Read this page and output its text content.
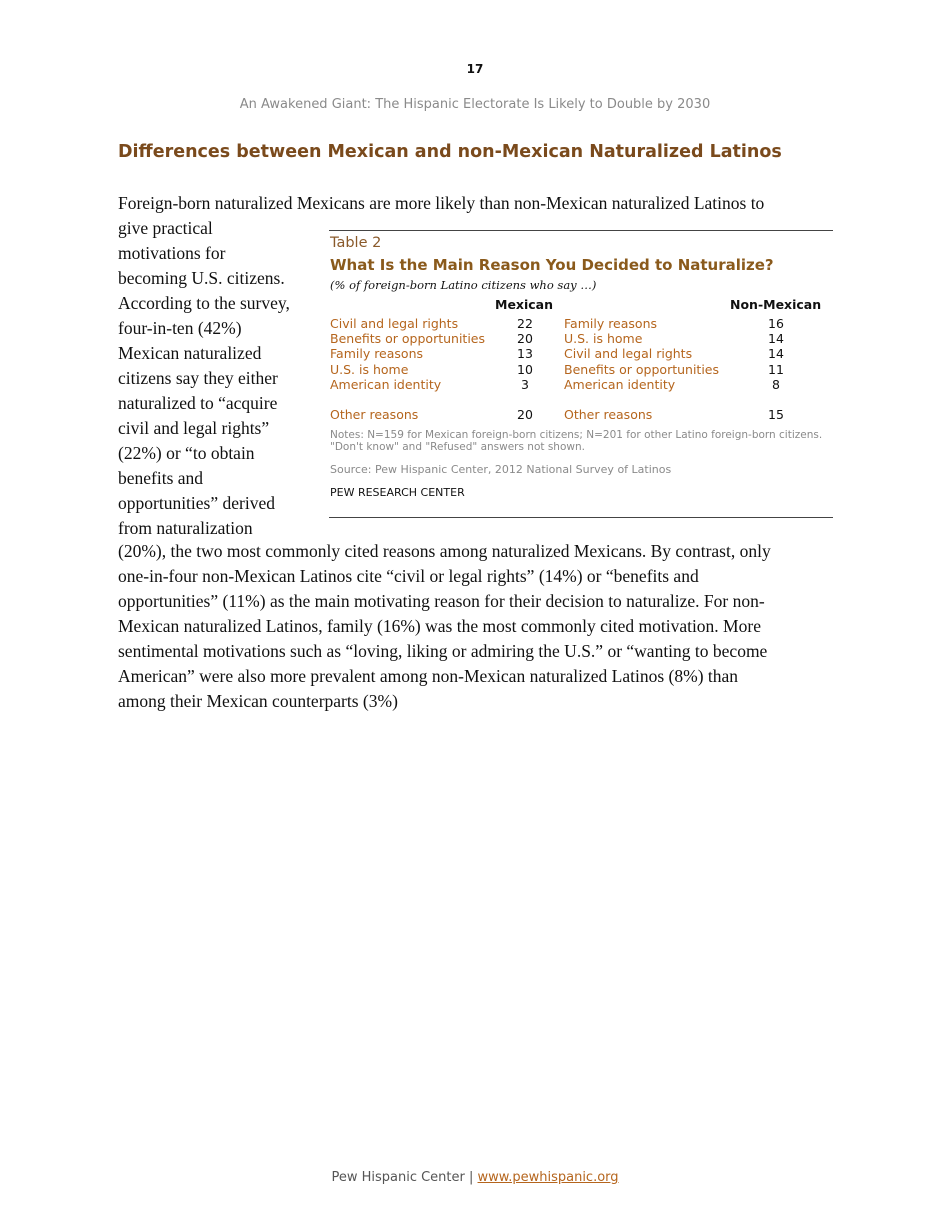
17
An Awakened Giant: The Hispanic Electorate Is Likely to Double by 2030
Differences between Mexican and non-Mexican Naturalized Latinos
Foreign-born naturalized Mexicans are more likely than non-Mexican naturalized Latinos to
give practical
motivations for
becoming U.S. citizens.
According to the survey,
four-in-ten (42%)
Mexican naturalized
citizens say they either
naturalized to “acquire
civil and legal rights”
(22%) or “to obtain
benefits and
opportunities” derived
from naturalization
Table 2
What Is the Main Reason You Decided to Naturalize?
(% of foreign-born Latino citizens who say …)
Mexican	Non-Mexican
Civil and legal rights	22	Family reasons	16
Benefits or opportunities	20	U.S. is home	14
Family reasons	13	Civil and legal rights	14
U.S. is home	10	Benefits or opportunities	11
American identity	3	American identity	8
Other reasons	20	Other reasons	15
Notes: N=159 for Mexican foreign-born citizens; N=201 for other Latino foreign-born citizens. "Don't know" and "Refused" answers not shown.
Source: Pew Hispanic Center, 2012 National Survey of Latinos
PEW RESEARCH CENTER
(20%), the two most commonly cited reasons among naturalized Mexicans. By contrast, only
one-in-four non-Mexican Latinos cite “civil or legal rights” (14%) or “benefits and
opportunities” (11%) as the main motivating reason for their decision to naturalize. For non-
Mexican naturalized Latinos, family (16%) was the most commonly cited motivation. More
sentimental motivations such as “loving, liking or admiring the U.S.” or “wanting to become
American” were also more prevalent among non-Mexican naturalized Latinos (8%) than
among their Mexican counterparts (3%)
Pew Hispanic Center | www.pewhispanic.org
